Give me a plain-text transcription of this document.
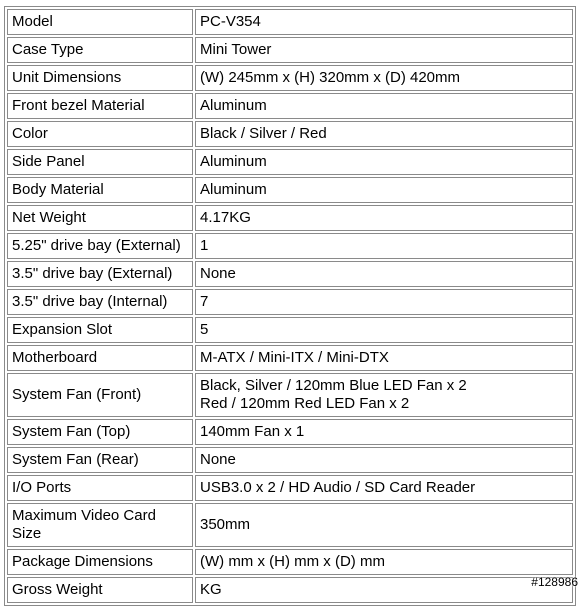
Model	PC-V354
Case Type	Mini Tower
Unit Dimensions	(W) 245mm x (H) 320mm x (D) 420mm
Front bezel Material	Aluminum
Color	Black / Silver / Red
Side Panel	Aluminum
Body Material	Aluminum
Net Weight	4.17KG
5.25" drive bay (External)	1
3.5" drive bay (External)	None
3.5" drive bay (Internal)	7
Expansion Slot	5
Motherboard	M-ATX / Mini-ITX / Mini-DTX
System Fan (Front)	Black, Silver / 120mm Blue LED Fan x 2
Red / 120mm Red LED Fan x 2
System Fan (Top)	140mm Fan x 1
System Fan (Rear)	None
I/O Ports	USB3.0 x 2 / HD Audio / SD Card Reader
Maximum Video Card
Size	350mm
Package Dimensions	(W) mm x (H) mm x (D) mm
Gross Weight	KG	#128986
